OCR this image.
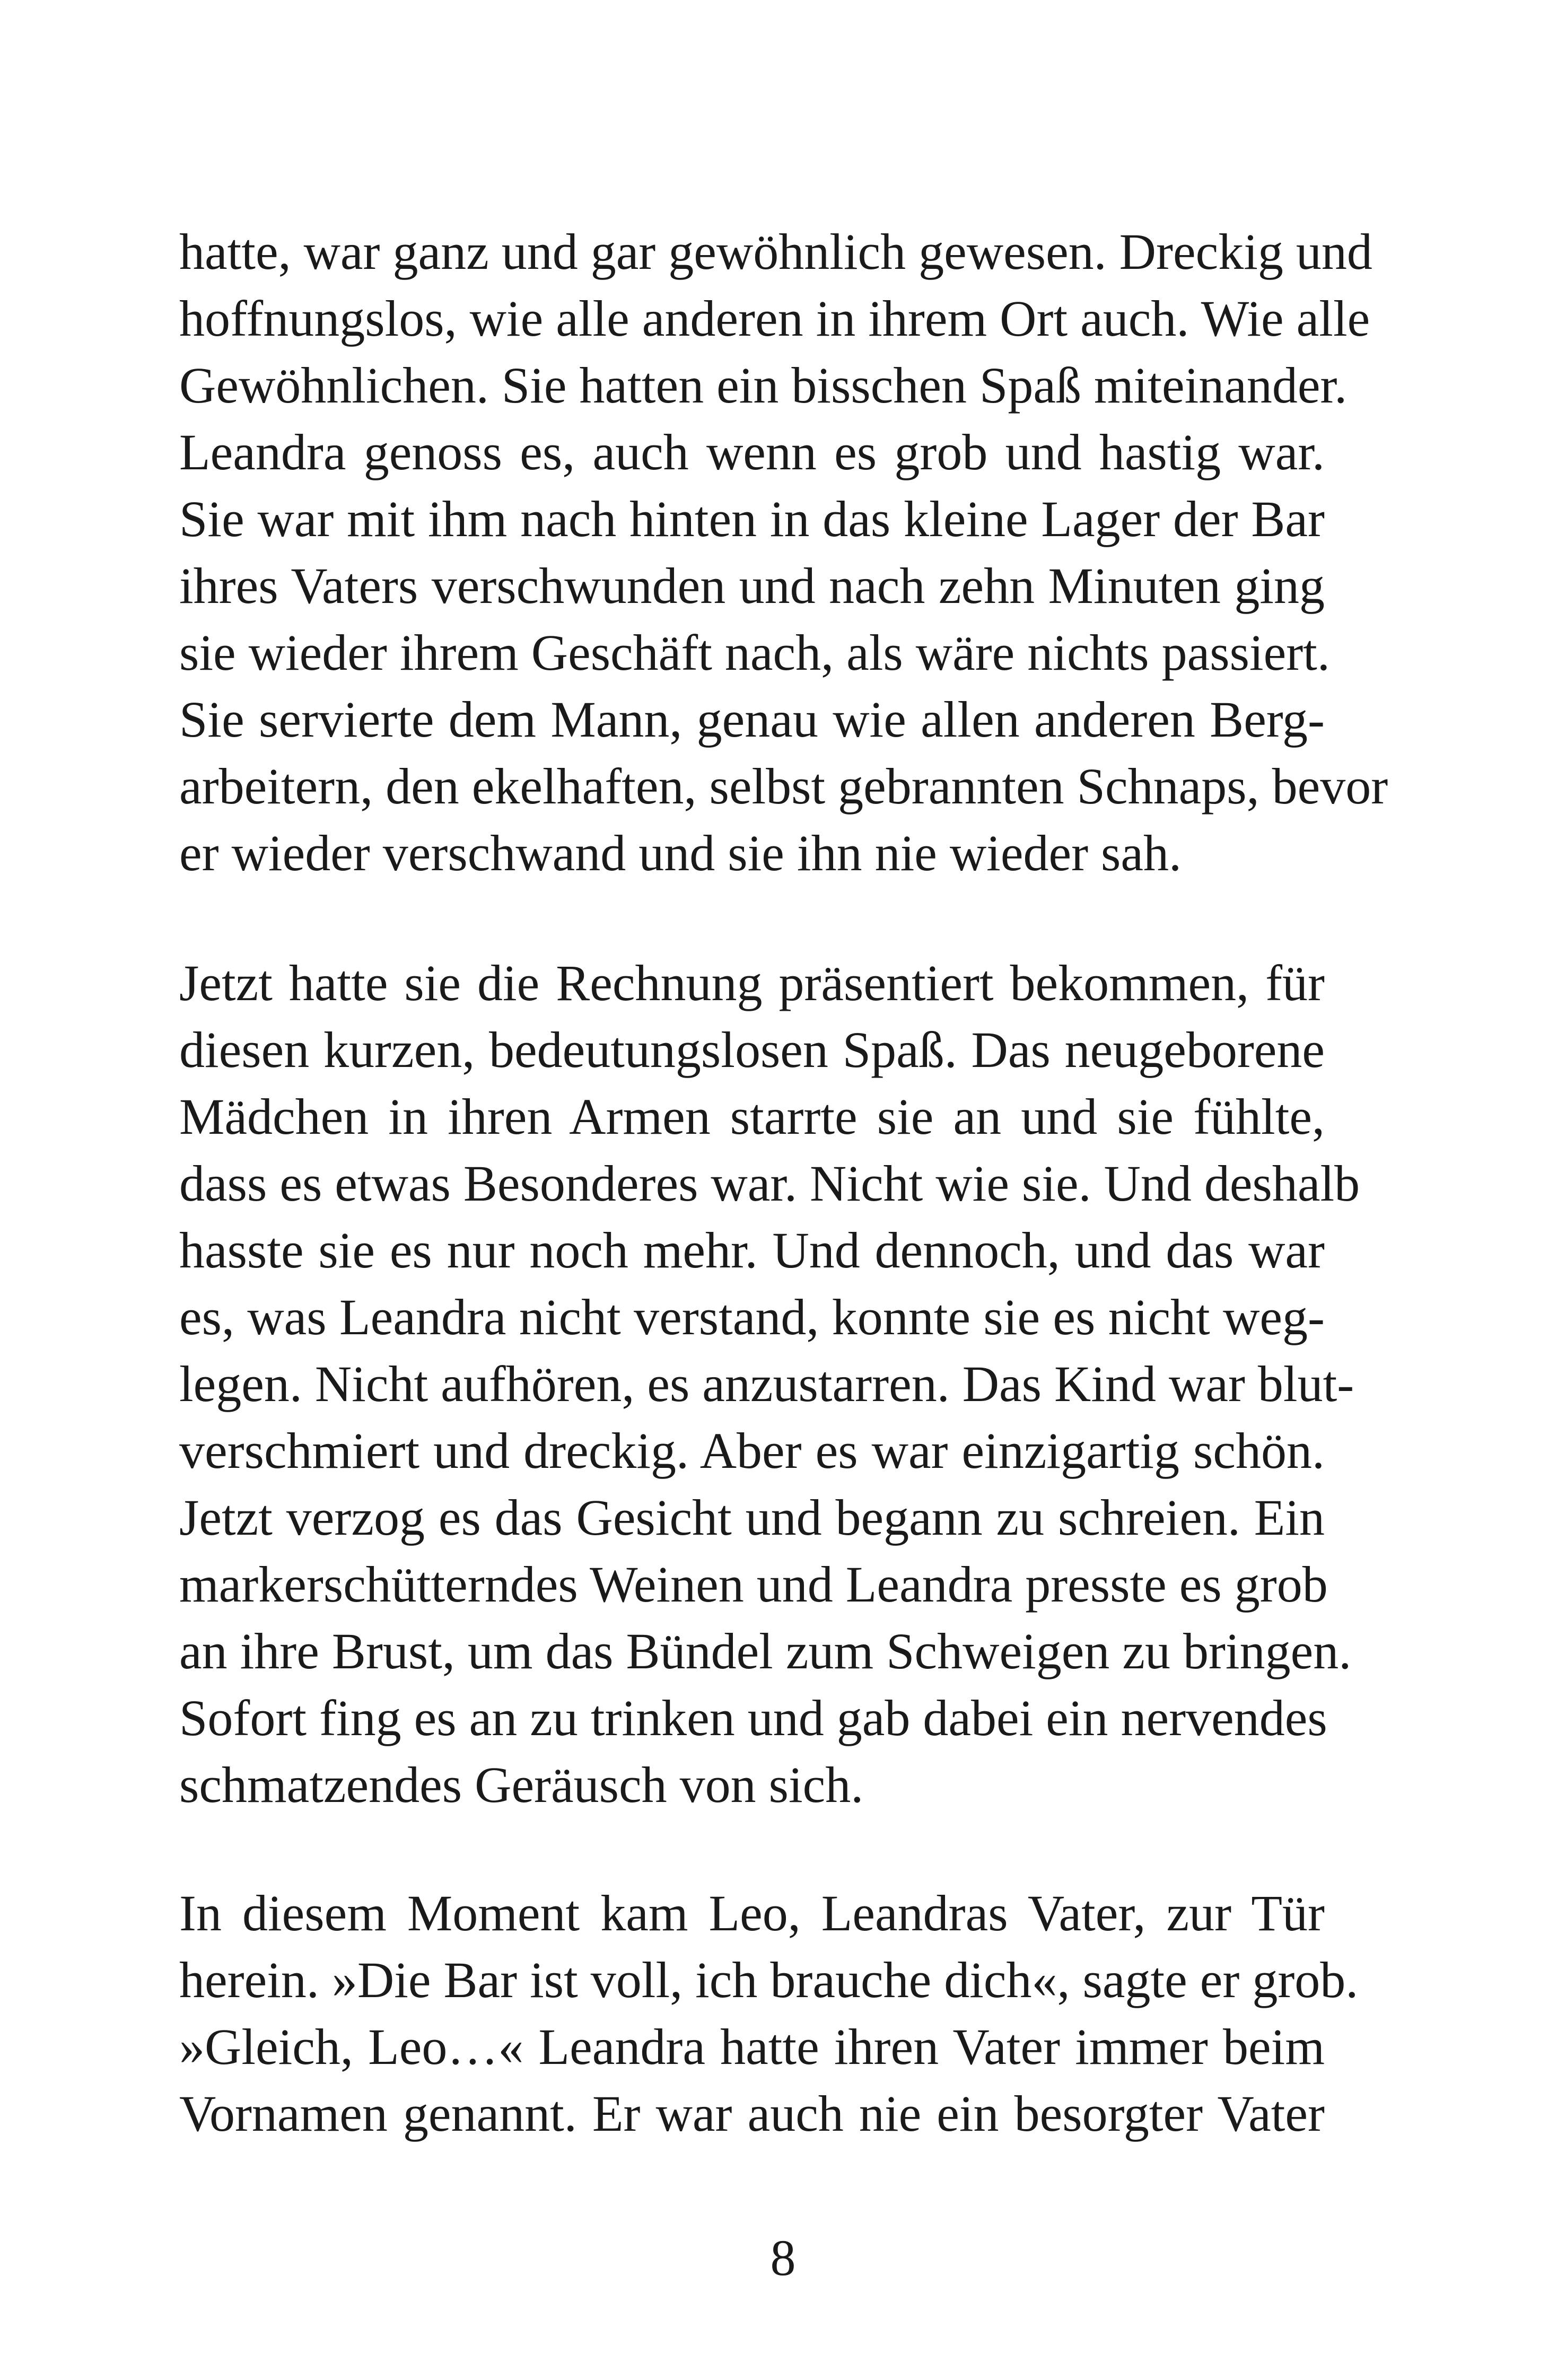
hatte, war ganz und gar gewöhnlich gewesen. Dreckig und
hoffnungslos, wie alle anderen in ihrem Ort auch. Wie alle
Gewöhnlichen. Sie hatten ein bisschen Spaß miteinander.
Leandra genoss es, auch wenn es grob und hastig war.
Sie war mit ihm nach hinten in das kleine Lager der Bar
ihres Vaters verschwunden und nach zehn Minuten ging
sie wieder ihrem Geschäft nach, als wäre nichts passiert.
Sie servierte dem Mann, genau wie allen anderen Berg-
arbeitern, den ekelhaften, selbst gebrannten Schnaps, bevor
er wieder verschwand und sie ihn nie wieder sah.
Jetzt hatte sie die Rechnung präsentiert bekommen, für
diesen kurzen, bedeutungslosen Spaß. Das neugeborene
Mädchen in ihren Armen starrte sie an und sie fühlte,
dass es etwas Besonderes war. Nicht wie sie. Und deshalb
hasste sie es nur noch mehr. Und dennoch, und das war
es, was Leandra nicht verstand, konnte sie es nicht weg-
legen. Nicht aufhören, es anzustarren. Das Kind war blut-
verschmiert und dreckig. Aber es war einzigartig schön.
Jetzt verzog es das Gesicht und begann zu schreien. Ein
markerschütterndes Weinen und Leandra presste es grob
an ihre Brust, um das Bündel zum Schweigen zu bringen.
Sofort fing es an zu trinken und gab dabei ein nervendes
schmatzendes Geräusch von sich.
In diesem Moment kam Leo, Leandras Vater, zur Tür
herein. »Die Bar ist voll, ich brauche dich«, sagte er grob.
»Gleich, Leo…« Leandra hatte ihren Vater immer beim
Vornamen genannt. Er war auch nie ein besorgter Vater
8
